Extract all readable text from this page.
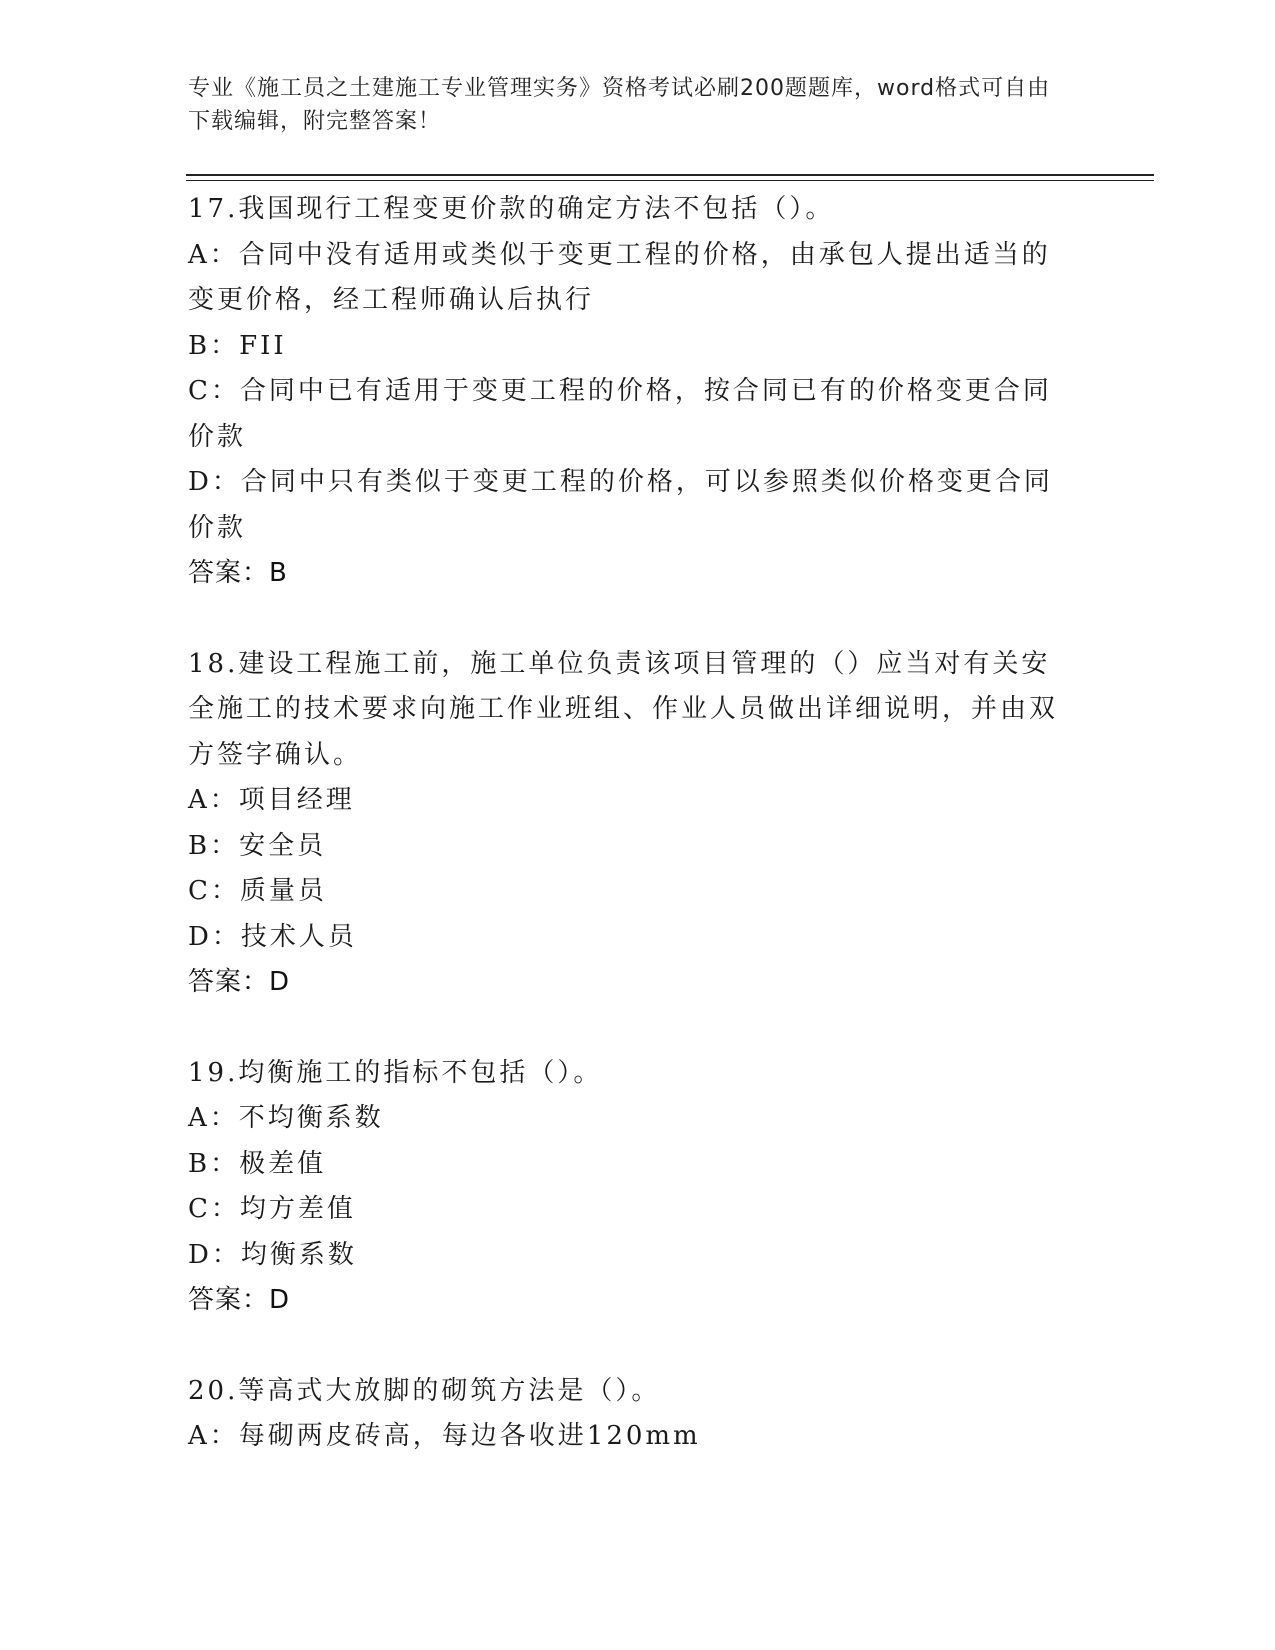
专业《施工员之土建施工专业管理实务》资格考试必刷200题题库，word格式可自由下载编辑，附完整答案！
17.我国现行工程变更价款的确定方法不包括（）。
A：合同中没有适用或类似于变更工程的价格，由承包人提出适当的变更价格，经工程师确认后执行
B：FII
C：合同中已有适用于变更工程的价格，按合同已有的价格变更合同价款
D：合同中只有类似于变更工程的价格，可以参照类似价格变更合同价款
答案：B
18.建设工程施工前，施工单位负责该项目管理的（）应当对有关安全施工的技术要求向施工作业班组、作业人员做出详细说明，并由双方签字确认。
A：项目经理
B：安全员
C：质量员
D：技术人员
答案：D
19.均衡施工的指标不包括（）。
A：不均衡系数
B：极差值
C：均方差值
D：均衡系数
答案：D
20.等高式大放脚的砌筑方法是（）。
A：每砌两皮砖高，每边各收进120mm
